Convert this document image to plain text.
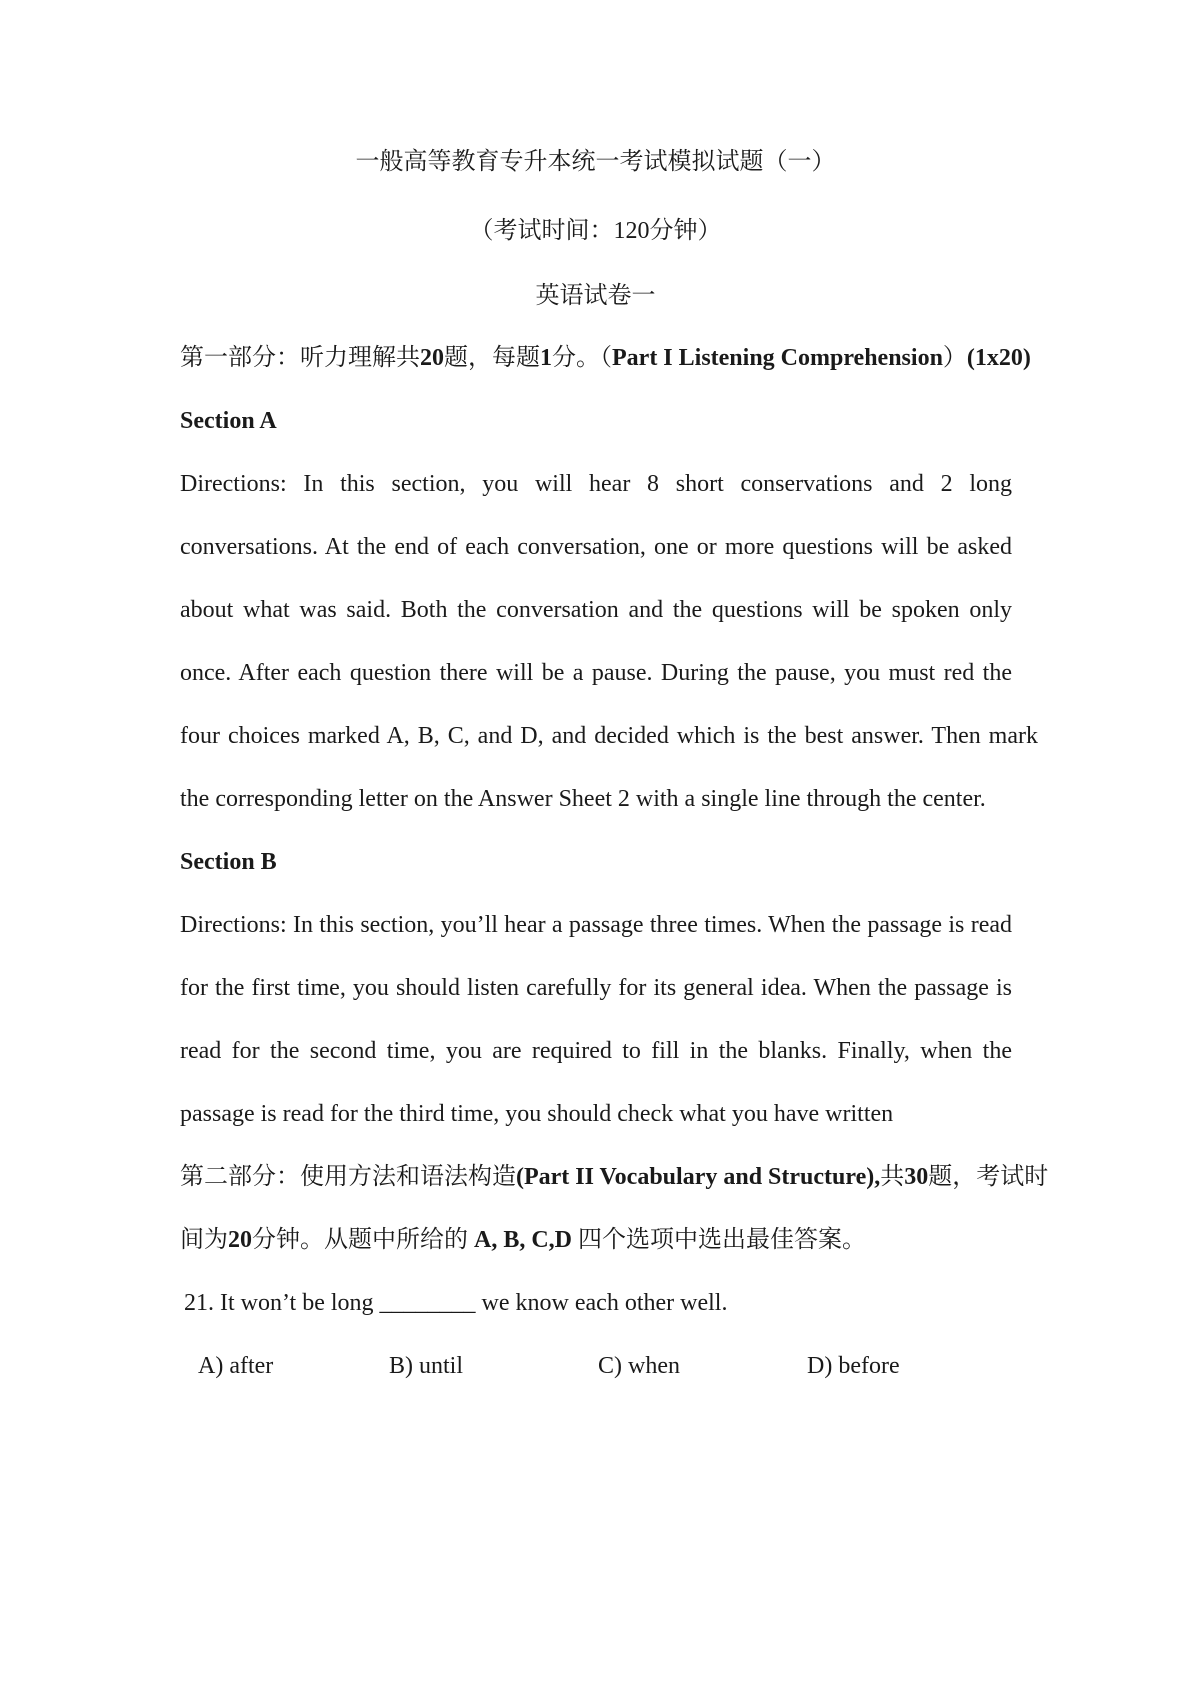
一般高等教育专升本统一考试模拟试题（一）
（考试时间：120分钟）
英语试卷一
第一部分：听力理解共20题，每题1分。（Part I Listening Comprehension）(1x20)
Section A
Directions: In this section, you will hear 8 short conservations and 2 long
conversations. At the end of each conversation, one or more questions will be asked
about what was said. Both the conversation and the questions will be spoken only
once. After each question there will be a pause. During the pause, you must red the
four choices marked A, B, C, and D, and decided which is the best answer. Then mark
the corresponding letter on the Answer Sheet 2 with a single line through the center.
Section B
Directions: In this section, you’ll hear a passage three times. When the passage is read
for the first time, you should listen carefully for its general idea. When the passage is
read for the second time, you are required to fill in the blanks. Finally, when the
passage is read for the third time, you should check what you have written
第二部分：使用方法和语法构造(Part II Vocabulary and Structure),共30题，考试时
间为20分钟。从题中所给的 A, B, C,D 四个选项中选出最佳答案。
21. It won’t be long ________ we know each other well.
A) after	B) until	C) when	D) before
